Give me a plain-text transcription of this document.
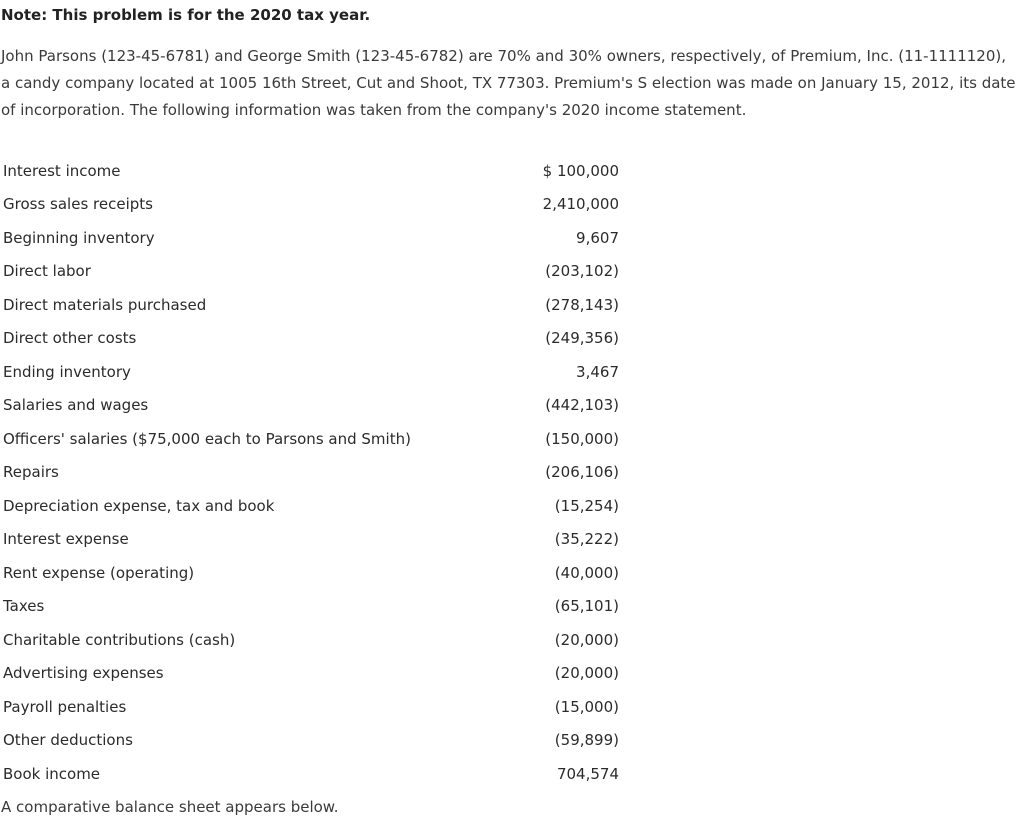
Note: This problem is for the 2020 tax year.

John Parsons (123-45-6781) and George Smith (123-45-6782) are 70% and 30% owners, respectively, of Premium, Inc. (11-1111120),
a candy company located at 1005 16th Street, Cut and Shoot, TX 77303. Premium's S election was made on January 15, 2012, its date
of incorporation. The following information was taken from the company's 2020 income statement.

Interest income	$ 100,000
Gross sales receipts	2,410,000
Beginning inventory	9,607
Direct labor	(203,102)
Direct materials purchased	(278,143)
Direct other costs	(249,356)
Ending inventory	3,467
Salaries and wages	(442,103)
Officers' salaries ($75,000 each to Parsons and Smith)	(150,000)
Repairs	(206,106)
Depreciation expense, tax and book	(15,254)
Interest expense	(35,222)
Rent expense (operating)	(40,000)
Taxes	(65,101)
Charitable contributions (cash)	(20,000)
Advertising expenses	(20,000)
Payroll penalties	(15,000)
Other deductions	(59,899)
Book income	704,574
A comparative balance sheet appears below.
